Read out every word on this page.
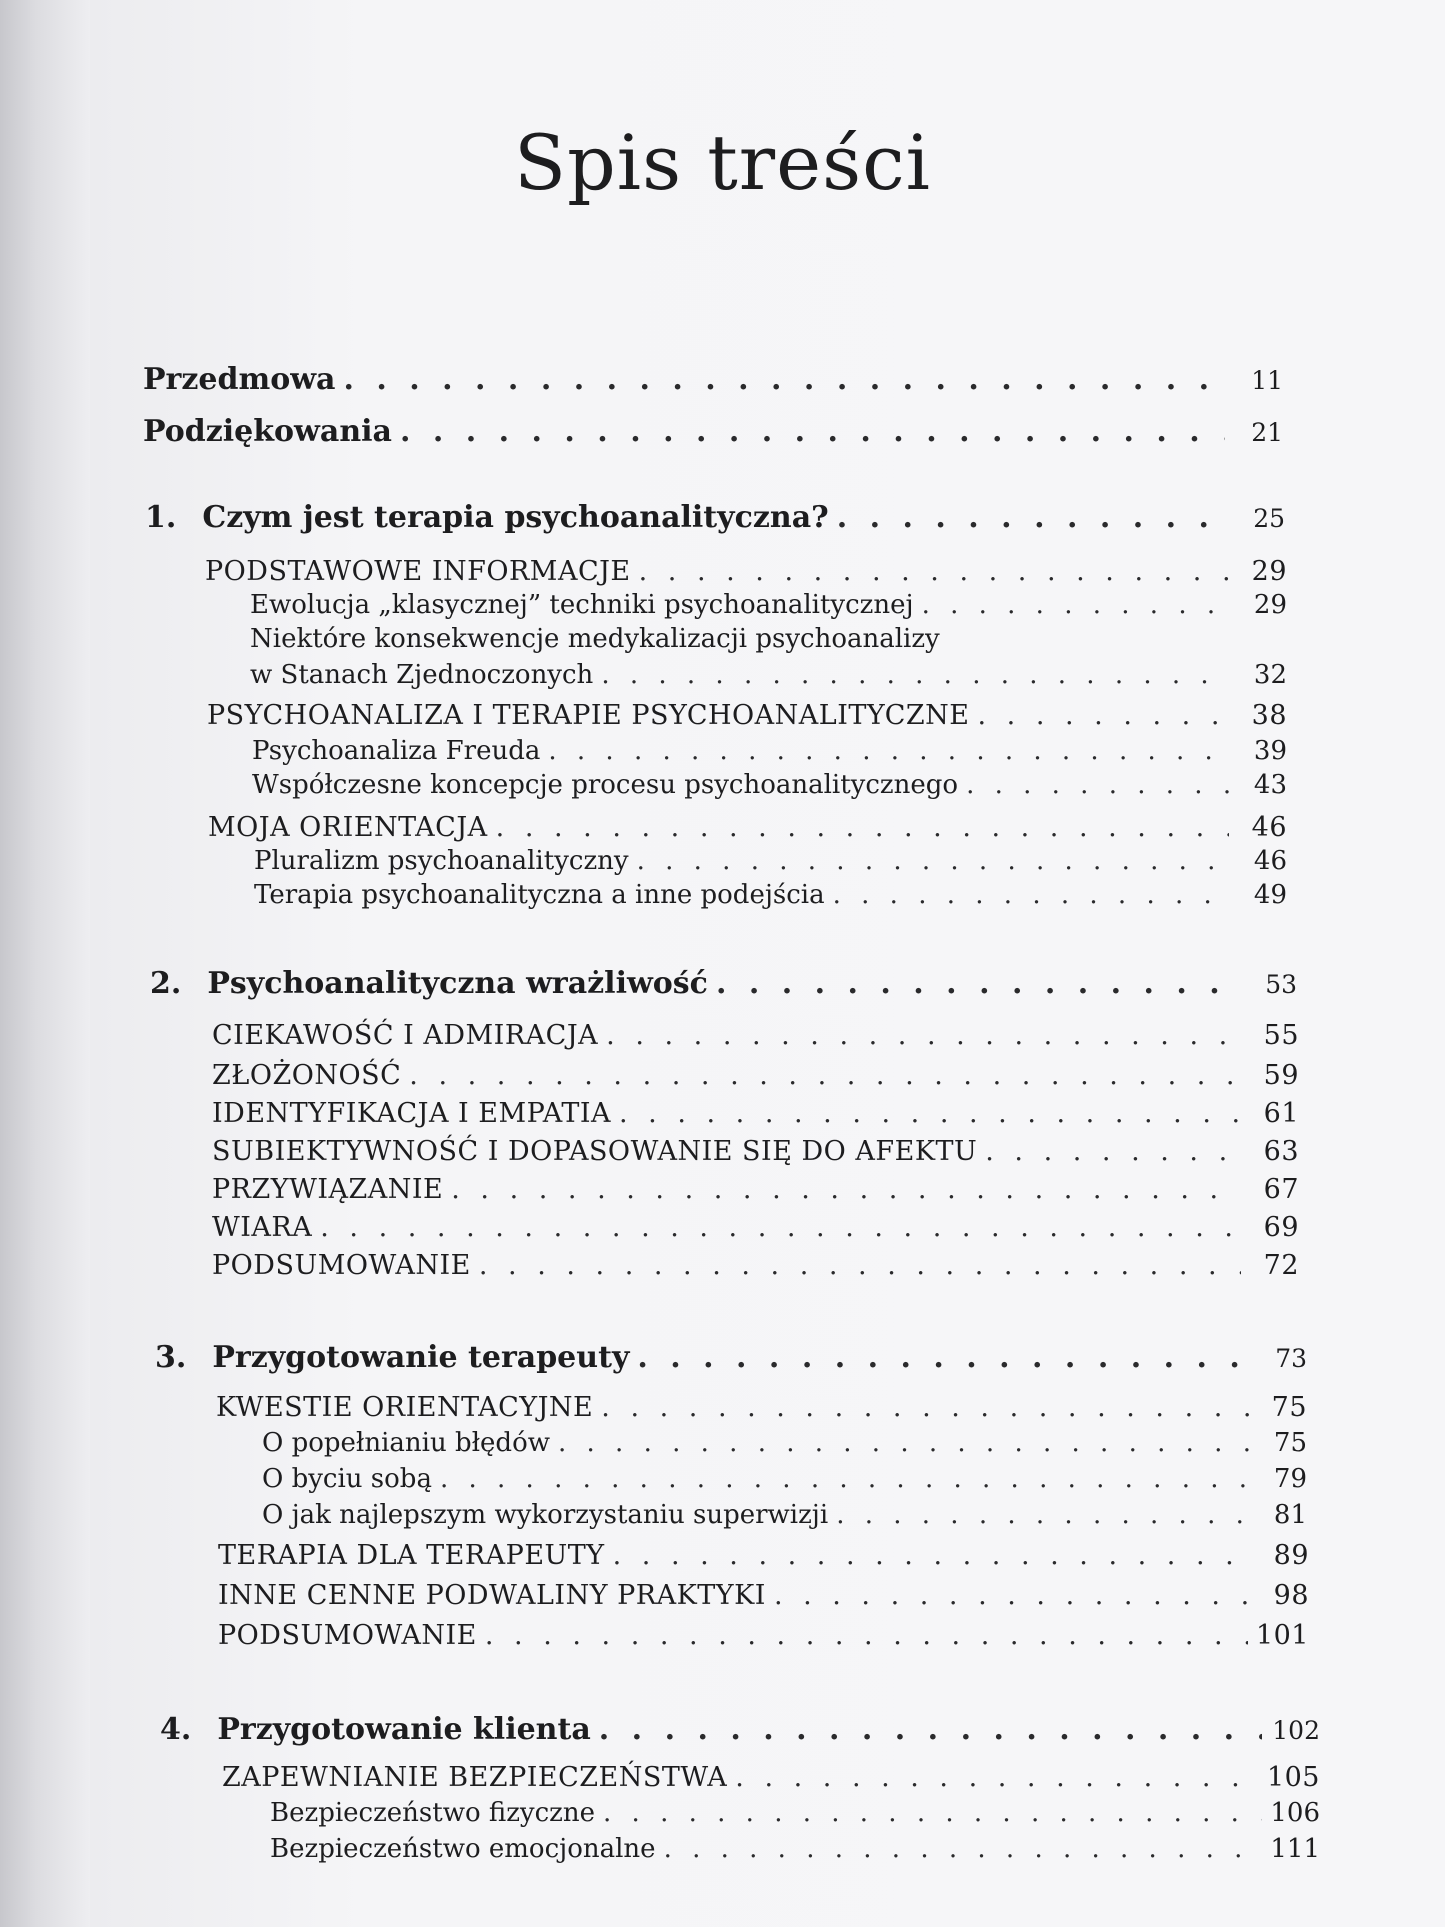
Spis treści
Przedmowa . . .	11
Podziękowania . . .	21
1. Czym jest terapia psychoanalityczna? . . .	25
PODSTAWOWE INFORMACJE . . .	29
Ewolucja „klasycznej” techniki psychoanalitycznej . . .	29
Niektóre konsekwencje medykalizacji psychoanalizy
w Stanach Zjednoczonych . . .	32
PSYCHOANALIZA I TERAPIE PSYCHOANALITYCZNE . . .	38
Psychoanaliza Freuda . . .	39
Współczesne koncepcje procesu psychoanalitycznego . . .	43
MOJA ORIENTACJA . . .	46
Pluralizm psychoanalityczny . . .	46
Terapia psychoanalityczna a inne podejścia . . .	49
2. Psychoanalityczna wrażliwość . . .	53
CIEKAWOŚĆ I ADMIRACJA . . .	55
ZŁOŻONOŚĆ . . .	59
IDENTYFIKACJA I EMPATIA . . .	61
SUBIEKTYWNOŚĆ I DOPASOWANIE SIĘ DO AFEKTU . . .	63
PRZYWIĄZANIE . . .	67
WIARA . . .	69
PODSUMOWANIE . . .	72
3. Przygotowanie terapeuty . . .	73
KWESTIE ORIENTACYJNE . . .	75
O popełnianiu błędów . . .	75
O byciu sobą . . .	79
O jak najlepszym wykorzystaniu superwizji . . .	81
TERAPIA DLA TERAPEUTY . . .	89
INNE CENNE PODWALINY PRAKTYKI . . .	98
PODSUMOWANIE . . .	101
4. Przygotowanie klienta . . .	102
ZAPEWNIANIE BEZPIECZEŃSTWA . . .	105
Bezpieczeństwo fizyczne . . .	106
Bezpieczeństwo emocjonalne . . .	111
